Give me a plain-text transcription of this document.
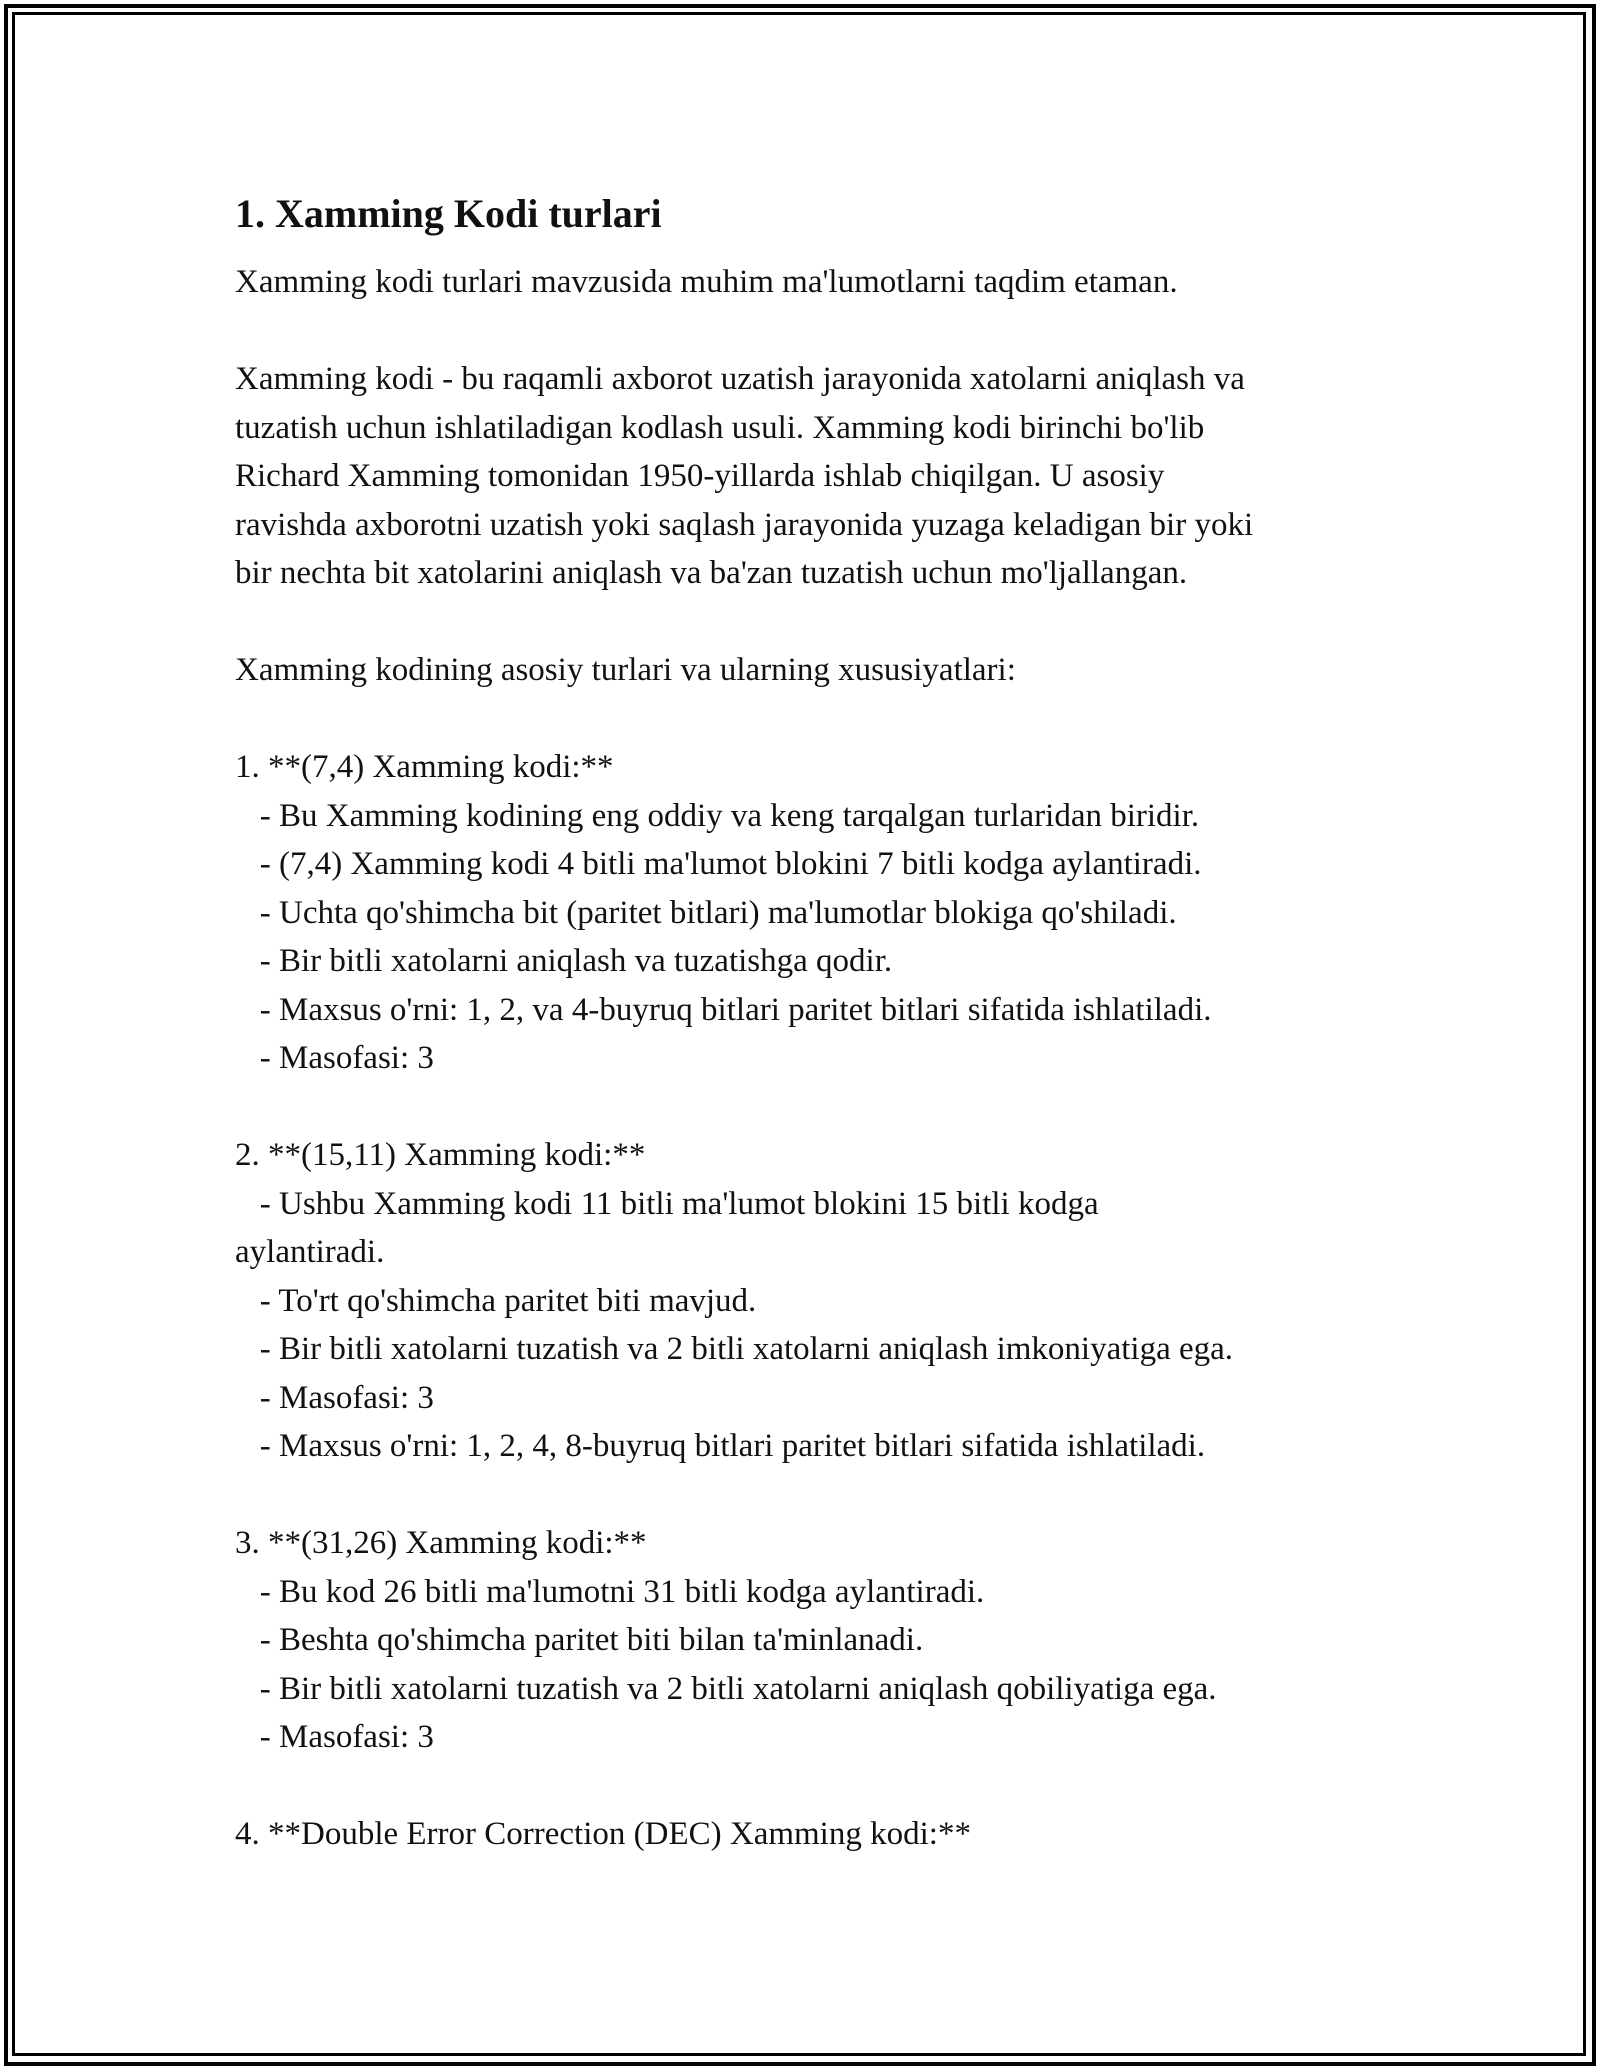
1. Xamming Kodi turlari

Xamming kodi turlari mavzusida muhim ma'lumotlarni taqdim etaman.

Xamming kodi - bu raqamli axborot uzatish jarayonida xatolarni aniqlash va

tuzatish uchun ishlatiladigan kodlash usuli. Xamming kodi birinchi bo'lib

Richard Xamming tomonidan 1950-yillarda ishlab chiqilgan. U asosiy

ravishda axborotni uzatish yoki saqlash jarayonida yuzaga keladigan bir yoki

bir nechta bit xatolarini aniqlash va ba'zan tuzatish uchun mo'ljallangan.

Xamming kodining asosiy turlari va ularning xususiyatlari:

1. **(7,4) Xamming kodi:**

- Bu Xamming kodining eng oddiy va keng tarqalgan turlaridan biridir.

- (7,4) Xamming kodi 4 bitli ma'lumot blokini 7 bitli kodga aylantiradi.

- Uchta qo'shimcha bit (paritet bitlari) ma'lumotlar blokiga qo'shiladi.

- Bir bitli xatolarni aniqlash va tuzatishga qodir.

- Maxsus o'rni: 1, 2, va 4-buyruq bitlari paritet bitlari sifatida ishlatiladi.

- Masofasi: 3

2. **(15,11) Xamming kodi:**

- Ushbu Xamming kodi 11 bitli ma'lumot blokini 15 bitli kodga

aylantiradi.

- To'rt qo'shimcha paritet biti mavjud.

- Bir bitli xatolarni tuzatish va 2 bitli xatolarni aniqlash imkoniyatiga ega.

- Masofasi: 3

- Maxsus o'rni: 1, 2, 4, 8-buyruq bitlari paritet bitlari sifatida ishlatiladi.

3. **(31,26) Xamming kodi:**

- Bu kod 26 bitli ma'lumotni 31 bitli kodga aylantiradi.

- Beshta qo'shimcha paritet biti bilan ta'minlanadi.

- Bir bitli xatolarni tuzatish va 2 bitli xatolarni aniqlash qobiliyatiga ega.

- Masofasi: 3

4. **Double Error Correction (DEC) Xamming kodi:**
